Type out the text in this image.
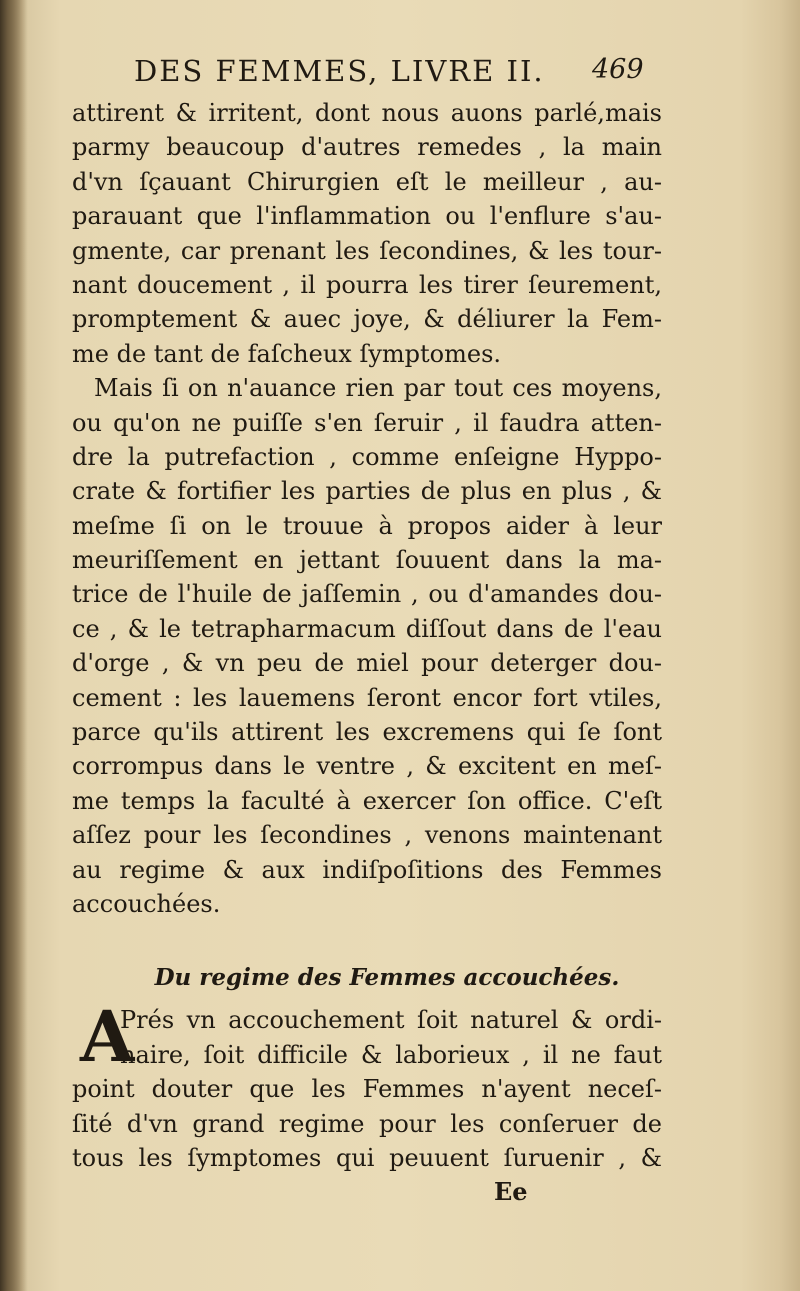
DES FEMMES, LIVRE II. 469
attirent & irritent, dont nous auons parlé,mais
parmy beaucoup d'autres remedes , la main
d'vn ſçauant Chirurgien eſt le meilleur , au-
parauant que l'inflammation ou l'enflure s'au-
gmente, car prenant les ſecondines, & les tour-
nant doucement , il pourra les tirer ſeurement,
promptement & auec joye, & déliurer la Fem-
me de tant de faſcheux ſymptomes.
Mais ſi on n'auance rien par tout ces moyens,
ou qu'on ne puiſſe s'en ſeruir , il faudra atten-
dre la putrefaction , comme enſeigne Hyppo-
crate & fortifier les parties de plus en plus , &
meſme ſi on le trouue à propos aider à leur
meuriſſement en jettant ſouuent dans la ma-
trice de l'huile de jaſſemin , ou d'amandes dou-
ce , & le tetrapharmacum diſſout dans de l'eau
d'orge , & vn peu de miel pour deterger dou-
cement : les lauemens ſeront encor fort vtiles,
parce qu'ils attirent les excremens qui ſe ſont
corrompus dans le ventre , & excitent en meſ-
me temps la faculté à exercer ſon office. C'eſt
aſſez pour les ſecondines , venons maintenant
au regime & aux indiſpoſitions des Femmes
accouchées.
Du regime des Femmes accouchées.
A
Prés vn accouchement ſoit naturel & ordi-
naire, ſoit difficile & laborieux , il ne faut
point douter que les Femmes n'ayent neceſ-
ſité d'vn grand regime pour les conſeruer de
tous les ſymptomes qui peuuent ſuruenir , &
Ee
